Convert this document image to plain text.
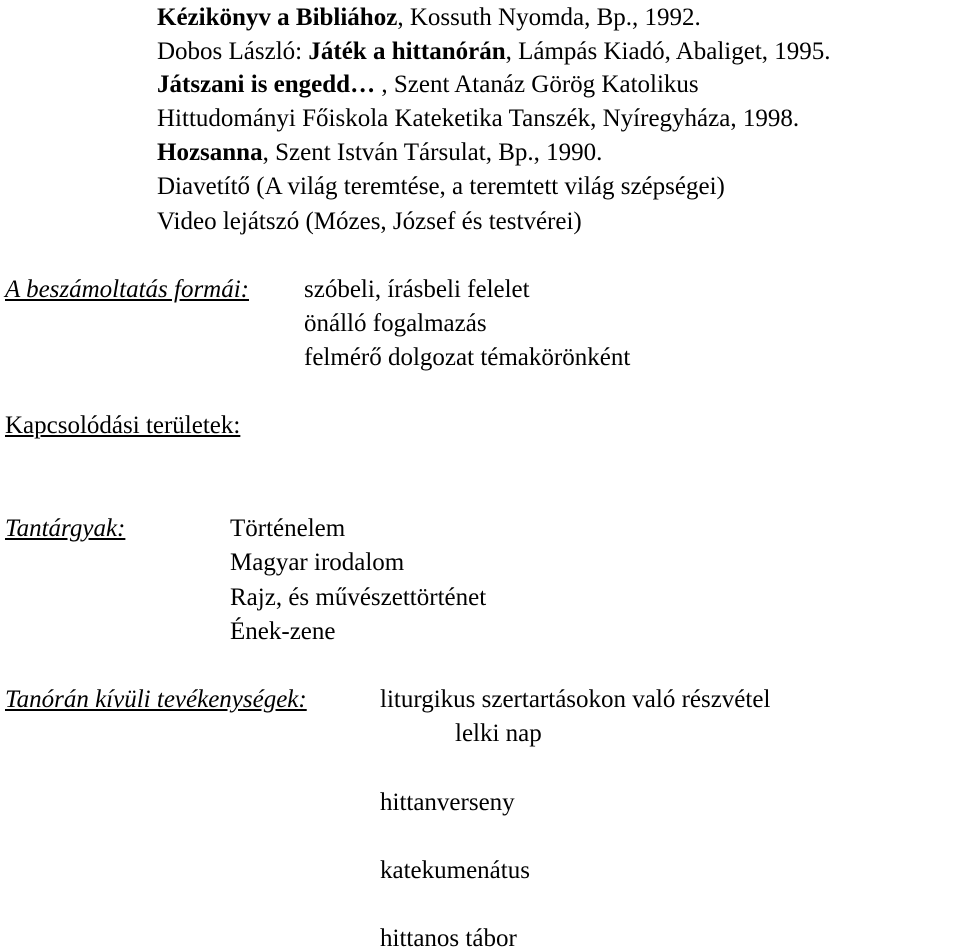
Kézikönyv a Bibliához, Kossuth Nyomda, Bp., 1992.
Dobos László: Játék a hittanórán, Lámpás Kiadó, Abaliget, 1995.
Játszani is engedd… , Szent Atanáz Görög Katolikus
Hittudományi Főiskola Kateketika Tanszék, Nyíregyháza, 1998.
Hozsanna, Szent István Társulat, Bp., 1990.
Diavetítő (A világ teremtése, a teremtett világ szépségei)
Video lejátszó (Mózes, József és testvérei)
A beszámoltatás formái: szóbeli, írásbeli felelet
önálló fogalmazás
felmérő dolgozat témakörönként
Kapcsolódási területek:
Tantárgyak:	Történelem
Magyar irodalom
Rajz, és művészettörténet
Ének-zene
Tanórán kívüli tevékenységek:	liturgikus szertartásokon való részvétel
lelki nap
hittanverseny
katekumenátus
hittanos tábor
